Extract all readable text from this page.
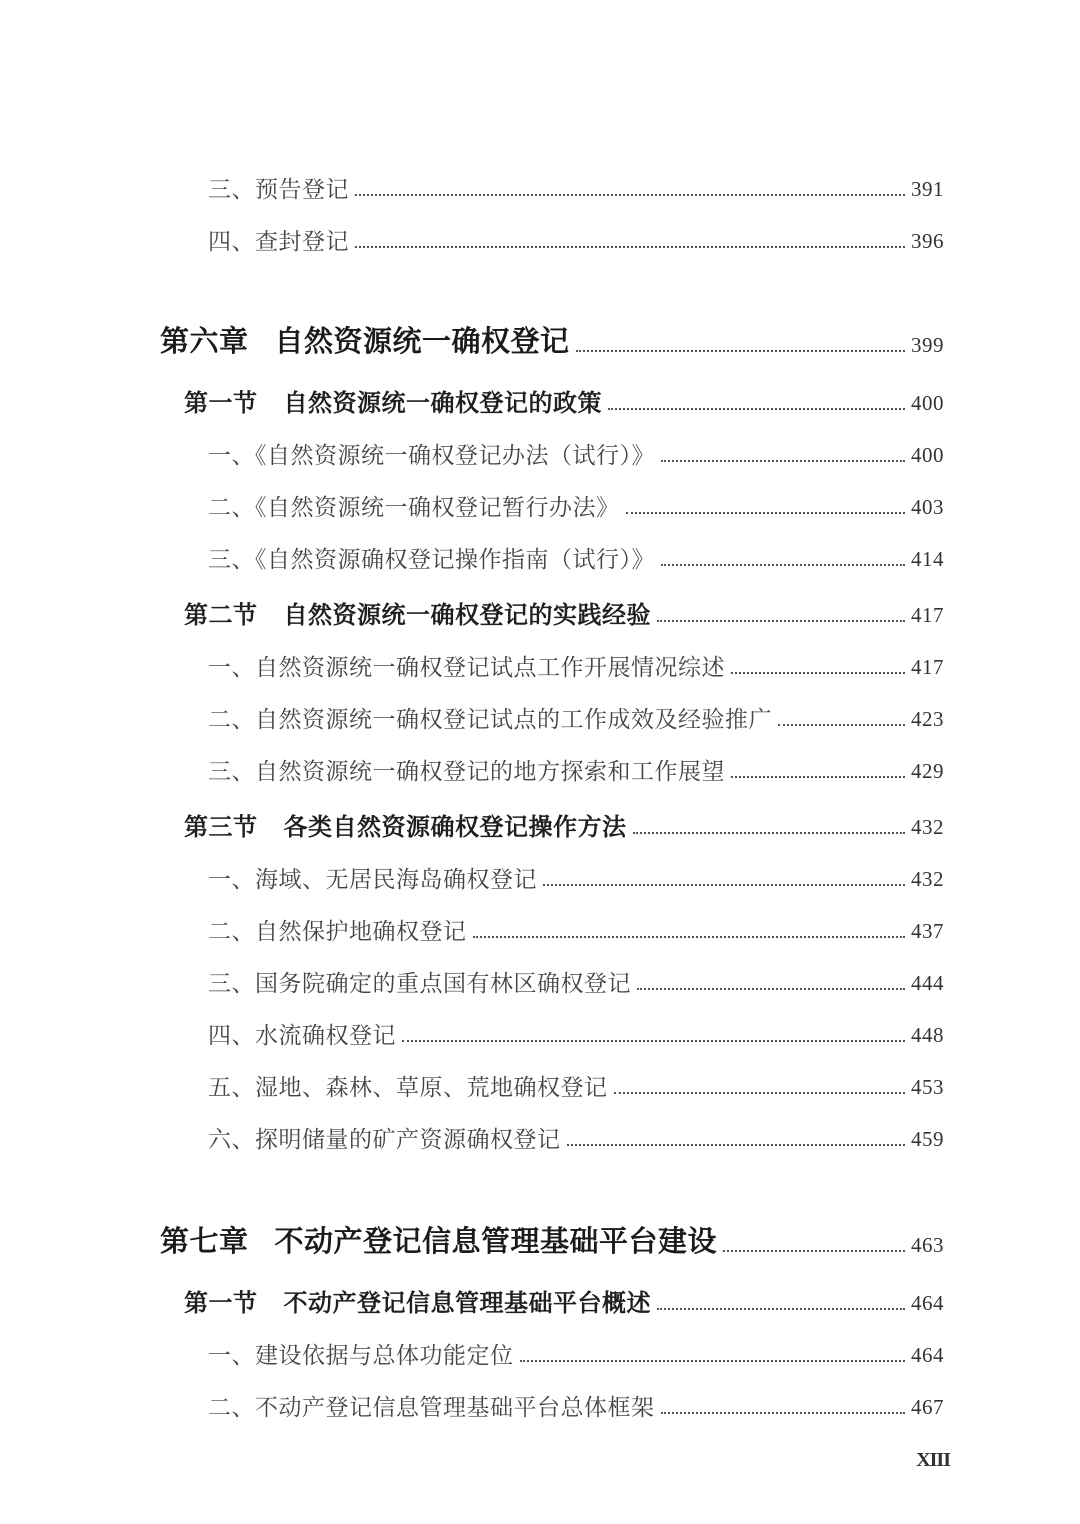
三、预告登记	391
四、查封登记	396
第六章 自然资源统一确权登记	399
第一节 自然资源统一确权登记的政策	400
一、《自然资源统一确权登记办法（试行）》	400
二、《自然资源统一确权登记暂行办法》	403
三、《自然资源确权登记操作指南（试行）》	414
第二节 自然资源统一确权登记的实践经验	417
一、自然资源统一确权登记试点工作开展情况综述	417
二、自然资源统一确权登记试点的工作成效及经验推广	423
三、自然资源统一确权登记的地方探索和工作展望	429
第三节 各类自然资源确权登记操作方法	432
一、海域、无居民海岛确权登记	432
二、自然保护地确权登记	437
三、国务院确定的重点国有林区确权登记	444
四、水流确权登记	448
五、湿地、森林、草原、荒地确权登记	453
六、探明储量的矿产资源确权登记	459
第七章 不动产登记信息管理基础平台建设	463
第一节 不动产登记信息管理基础平台概述	464
一、建设依据与总体功能定位	464
二、不动产登记信息管理基础平台总体框架	467
XIII
